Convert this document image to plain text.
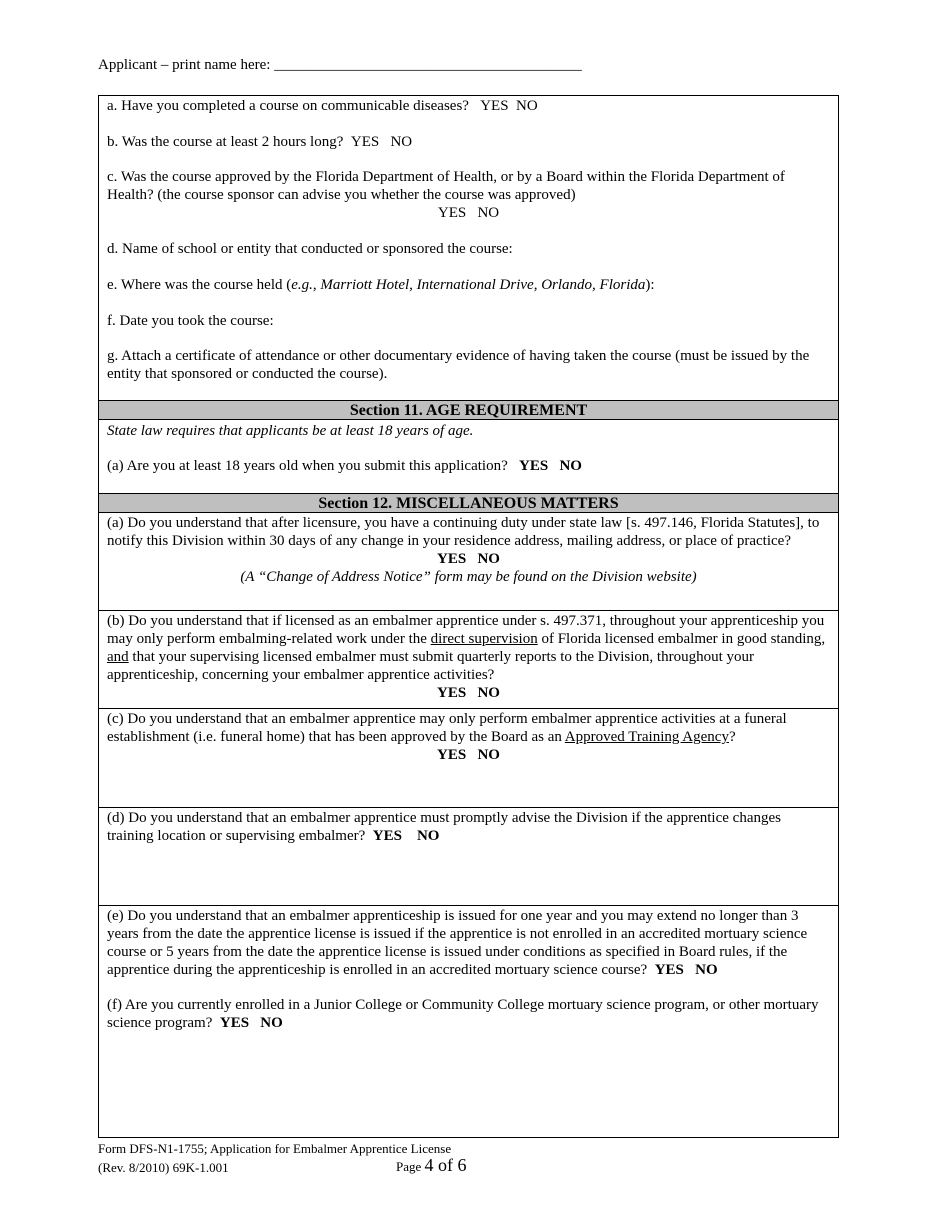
Applicant – print name here: _________________________________________
a. Have you completed a course on communicable diseases? YES NO
b. Was the course at least 2 hours long? YES NO
c. Was the course approved by the Florida Department of Health, or by a Board within the Florida Department of Health? (the course sponsor can advise you whether the course was approved)
YES NO
d. Name of school or entity that conducted or sponsored the course:
e. Where was the course held (e.g., Marriott Hotel, International Drive, Orlando, Florida):
f. Date you took the course:
g. Attach a certificate of attendance or other documentary evidence of having taken the course (must be issued by the entity that sponsored or conducted the course).
Section 11. AGE REQUIREMENT
State law requires that applicants be at least 18 years of age.
(a) Are you at least 18 years old when you submit this application? YES NO
Section 12. MISCELLANEOUS MATTERS
(a) Do you understand that after licensure, you have a continuing duty under state law [s. 497.146, Florida Statutes], to notify this Division within 30 days of any change in your residence address, mailing address, or place of practice?
YES NO
(A “Change of Address Notice” form may be found on the Division website)
(b) Do you understand that if licensed as an embalmer apprentice under s. 497.371, throughout your apprenticeship you may only perform embalming-related work under the direct supervision of Florida licensed embalmer in good standing, and that your supervising licensed embalmer must submit quarterly reports to the Division, throughout your apprenticeship, concerning your embalmer apprentice activities?
YES NO
(c) Do you understand that an embalmer apprentice may only perform embalmer apprentice activities at a funeral establishment (i.e. funeral home) that has been approved by the Board as an Approved Training Agency?
YES NO
(d) Do you understand that an embalmer apprentice must promptly advise the Division if the apprentice changes training location or supervising embalmer? YES NO
(e) Do you understand that an embalmer apprenticeship is issued for one year and you may extend no longer than 3 years from the date the apprentice license is issued if the apprentice is not enrolled in an accredited mortuary science course or 5 years from the date the apprentice license is issued under conditions as specified in Board rules, if the apprentice during the apprenticeship is enrolled in an accredited mortuary science course? YES NO
(f) Are you currently enrolled in a Junior College or Community College mortuary science program, or other mortuary science program? YES NO
Form DFS-N1-1755; Application for Embalmer Apprentice License
(Rev. 8/2010) 69K-1.001	Page 4 of 6
